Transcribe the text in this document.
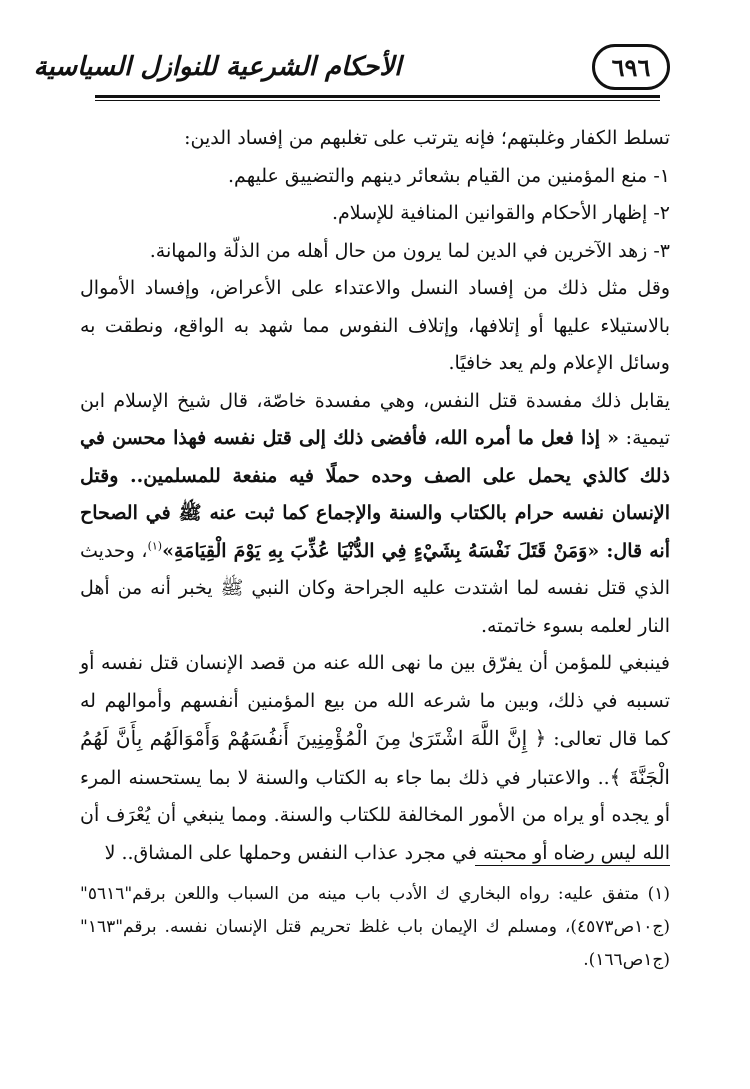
الأحكام الشرعية للنوازل السياسية	٦٩٦

تسلط الكفار وغلبتهم؛ فإنه يترتب على تغلبهم من إفساد الدين:

١- منع المؤمنين من القيام بشعائر دينهم والتضييق عليهم.

٢- إظهار الأحكام والقوانين المنافية للإسلام.

٣- زهد الآخرين في الدين لما يرون من حال أهله من الذلّة والمهانة.

وقل مثل ذلك من إفساد النسل والاعتداء على الأعراض، وإفساد الأموال بالاستيلاء عليها أو إتلافها، وإتلاف النفوس مما شهد به الواقع، ونطقت به وسائل الإعلام ولم يعد خافيًا.

يقابل ذلك مفسدة قتل النفس، وهي مفسدة خاصّة، قال شيخ الإسلام ابن تيمية: « إذا فعل ما أمره الله، فأفضى ذلك إلى قتل نفسه فهذا محسن في ذلك كالذي يحمل على الصف وحده حملًا فيه منفعة للمسلمين.. وقتل الإنسان نفسه حرام بالكتاب والسنة والإجماع كما ثبت عنه ﷺ في الصحاح أنه قال: «وَمَنْ قَتَلَ نَفْسَهُ بِشَيْءٍ فِي الدُّنْيَا عُذِّبَ بِهِ يَوْمَ الْقِيَامَةِ»$^{(١)}$، وحديث الذي قتل نفسه لما اشتدت عليه الجراحة وكان النبي ﷺ يخبر أنه من أهل النار لعلمه بسوء خاتمته.

فينبغي للمؤمن أن يفرّق بين ما نهى الله عنه من قصد الإنسان قتل نفسه أو تسببه في ذلك، وبين ما شرعه الله من بيع المؤمنين أنفسهم وأموالهم له كما قال تعالى: ﴿ إِنَّ اللَّهَ اشْتَرَىٰ مِنَ الْمُؤْمِنِينَ أَنفُسَهُمْ وَأَمْوَالَهُم بِأَنَّ لَهُمُ الْجَنَّةَ ﴾.. والاعتبار في ذلك بما جاء به الكتاب والسنة لا بما يستحسنه المرء أو يجده أو يراه من الأمور المخالفة للكتاب والسنة. ومما ينبغي أن يُعْرَف أن الله ليس رضاه أو محبته في مجرد عذاب النفس وحملها على المشاق.. لا

(١) متفق عليه: رواه البخاري ك الأدب باب مينه من السباب واللعن برقم"٥٦١٦" (ج١٠ص٤٥٧٣)، ومسلم ك الإيمان باب غلظ تحريم قتل الإنسان نفسه. برقم"١٦٣" (ج١ص١٦٦).
